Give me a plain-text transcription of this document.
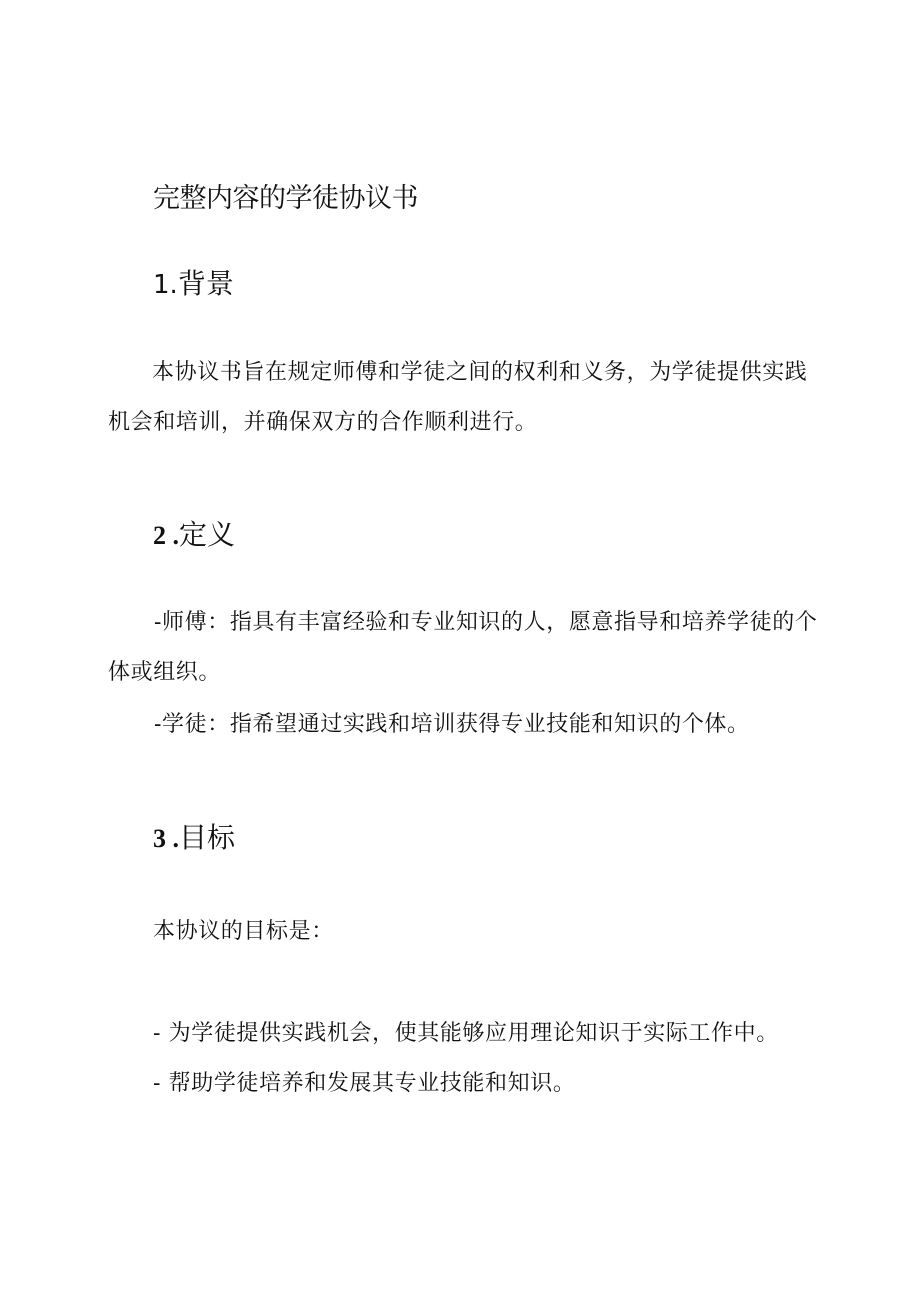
完整内容的学徒协议书
1.背景
本协议书旨在规定师傅和学徒之间的权利和义务，为学徒提供实践机会和培训，并确保双方的合作顺利进行。
2 .定义
-师傅：指具有丰富经验和专业知识的人，愿意指导和培养学徒的个体或组织。
-学徒：指希望通过实践和培训获得专业技能和知识的个体。
3 .目标
本协议的目标是：
- 为学徒提供实践机会，使其能够应用理论知识于实际工作中。
- 帮助学徒培养和发展其专业技能和知识。
